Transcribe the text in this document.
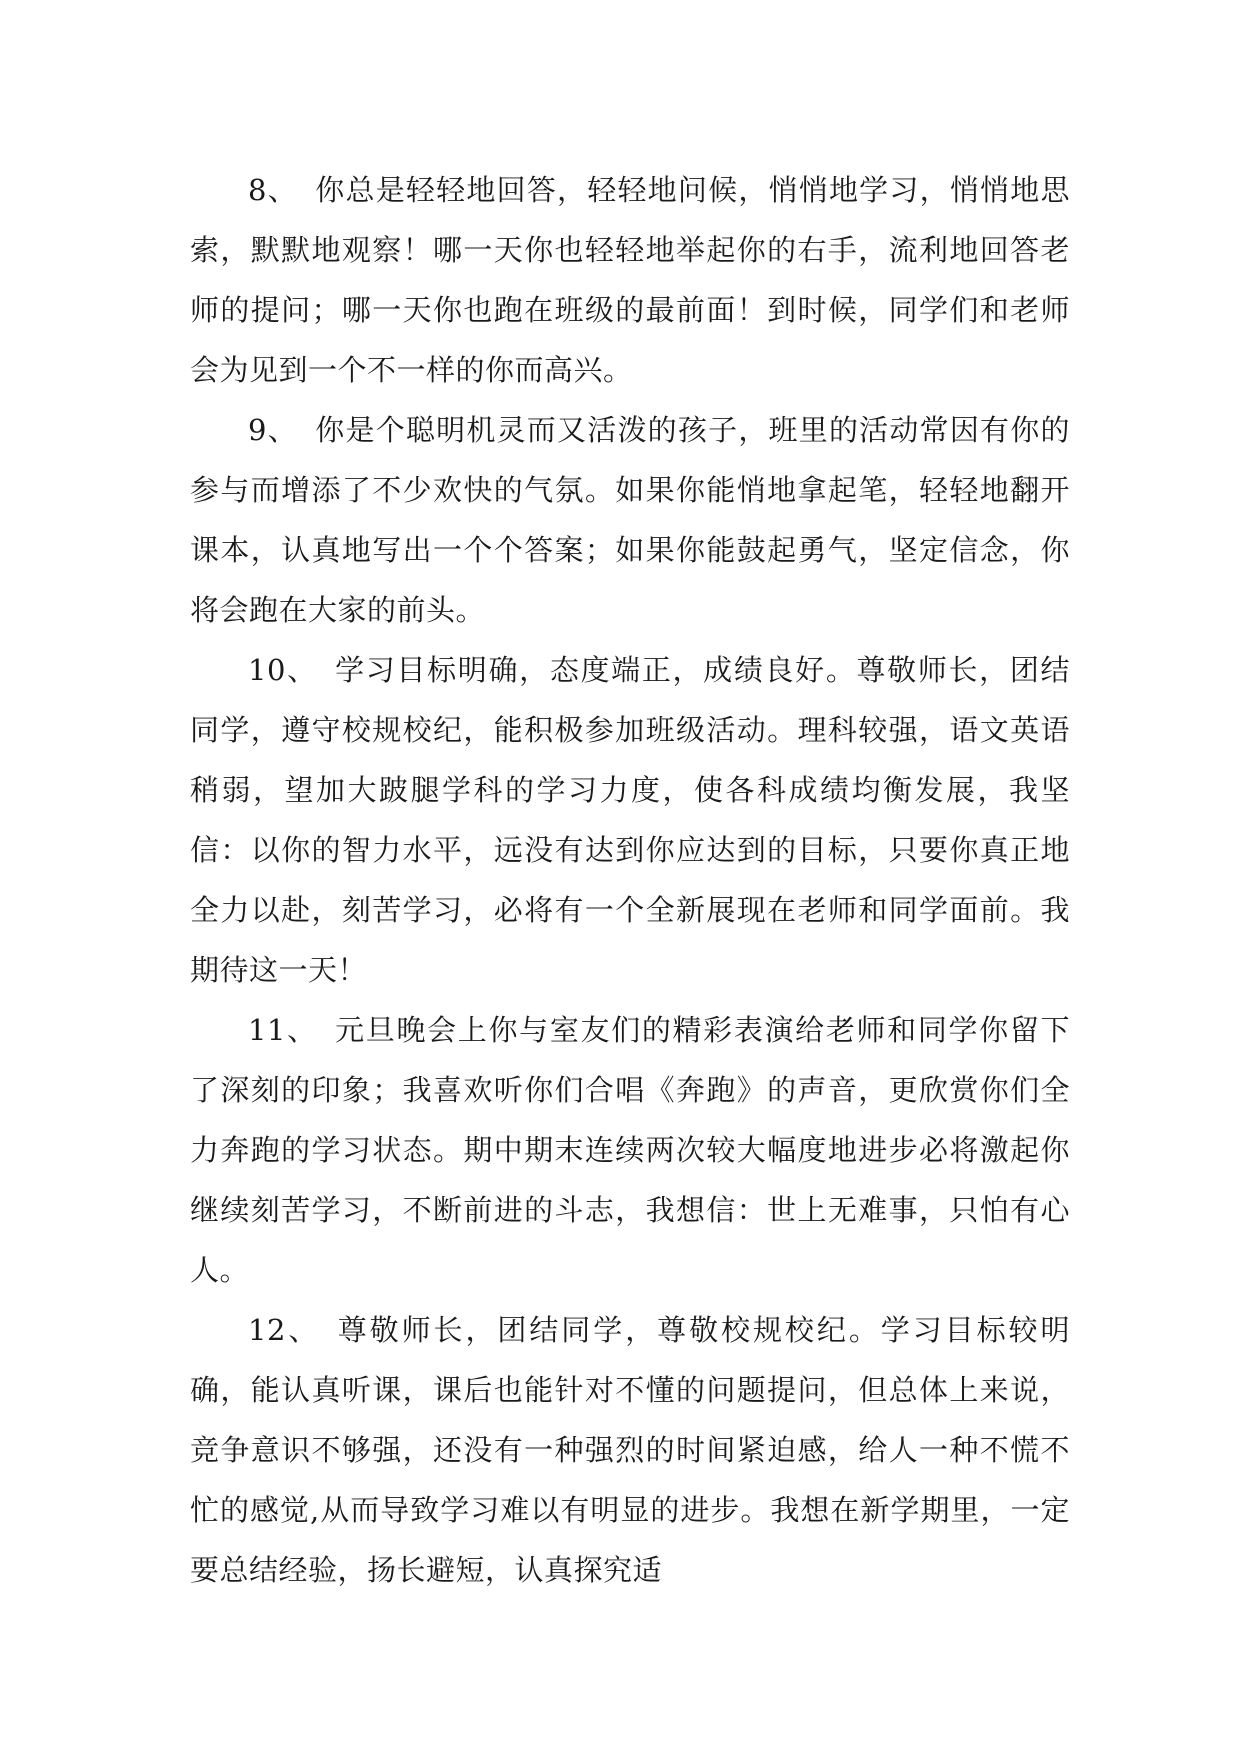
8、 你总是轻轻地回答，轻轻地问候，悄悄地学习，悄悄地思索，默默地观察！哪一天你也轻轻地举起你的右手，流利地回答老师的提问；哪一天你也跑在班级的最前面！到时候，同学们和老师会为见到一个不一样的你而高兴。

9、 你是个聪明机灵而又活泼的孩子，班里的活动常因有你的参与而增添了不少欢快的气氛。如果你能悄地拿起笔，轻轻地翻开课本，认真地写出一个个答案；如果你能鼓起勇气，坚定信念，你将会跑在大家的前头。

10、 学习目标明确，态度端正，成绩良好。尊敬师长，团结同学，遵守校规校纪，能积极参加班级活动。理科较强，语文英语稍弱，望加大跛腿学科的学习力度，使各科成绩均衡发展，我坚信：以你的智力水平，远没有达到你应达到的目标，只要你真正地全力以赴，刻苦学习，必将有一个全新展现在老师和同学面前。我期待这一天！

11、 元旦晚会上你与室友们的精彩表演给老师和同学你留下了深刻的印象；我喜欢听你们合唱《奔跑》的声音，更欣赏你们全力奔跑的学习状态。期中期末连续两次较大幅度地进步必将激起你继续刻苦学习，不断前进的斗志，我想信：世上无难事，只怕有心人。

12、 尊敬师长，团结同学，尊敬校规校纪。学习目标较明确，能认真听课，课后也能针对不懂的问题提问，但总体上来说，竞争意识不够强，还没有一种强烈的时间紧迫感，给人一种不慌不忙的感觉,从而导致学习难以有明显的进步。我想在新学期里，一定要总结经验，扬长避短，认真探究适
